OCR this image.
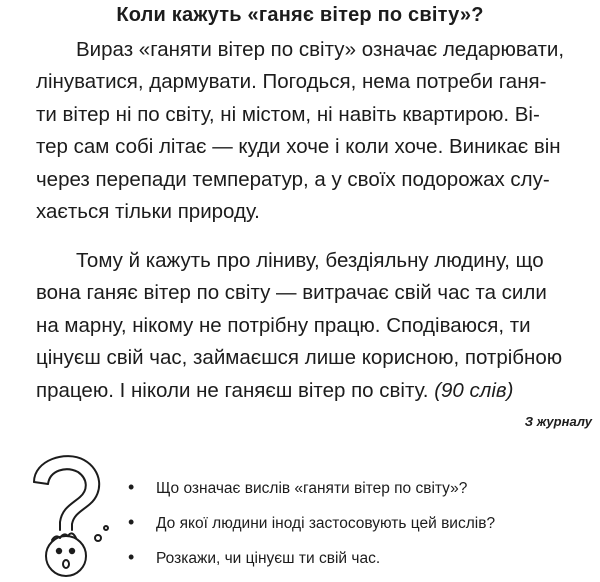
Коли кажуть «ганяє вітер по світу»?
Вираз «ганяти вітер по світу» означає ледарювати,
лінуватися, дармувати. Погодься, нема потреби ганя-
ти вітер ні по світу, ні містом, ні навіть квартирою. Ві-
тер сам собі літає — куди хоче і коли хоче. Виникає він
через перепади температур, а у своїх подорожах слу-
хається тільки природу.
Тому й кажуть про ліниву, бездіяльну людину, що
вона ганяє вітер по світу — витрачає свій час та сили
на марну, нікому не потрібну працю. Сподіваюся, ти
цінуєш свій час, займаєшся лише корисною, потрібною
працею. І ніколи не ганяєш вітер по світу. (90 слів)
З журналу
• Що означає вислів «ганяти вітер по світу»?
• До якої людини іноді застосовують цей вислів?
• Розкажи, чи цінуєш ти свій час.
